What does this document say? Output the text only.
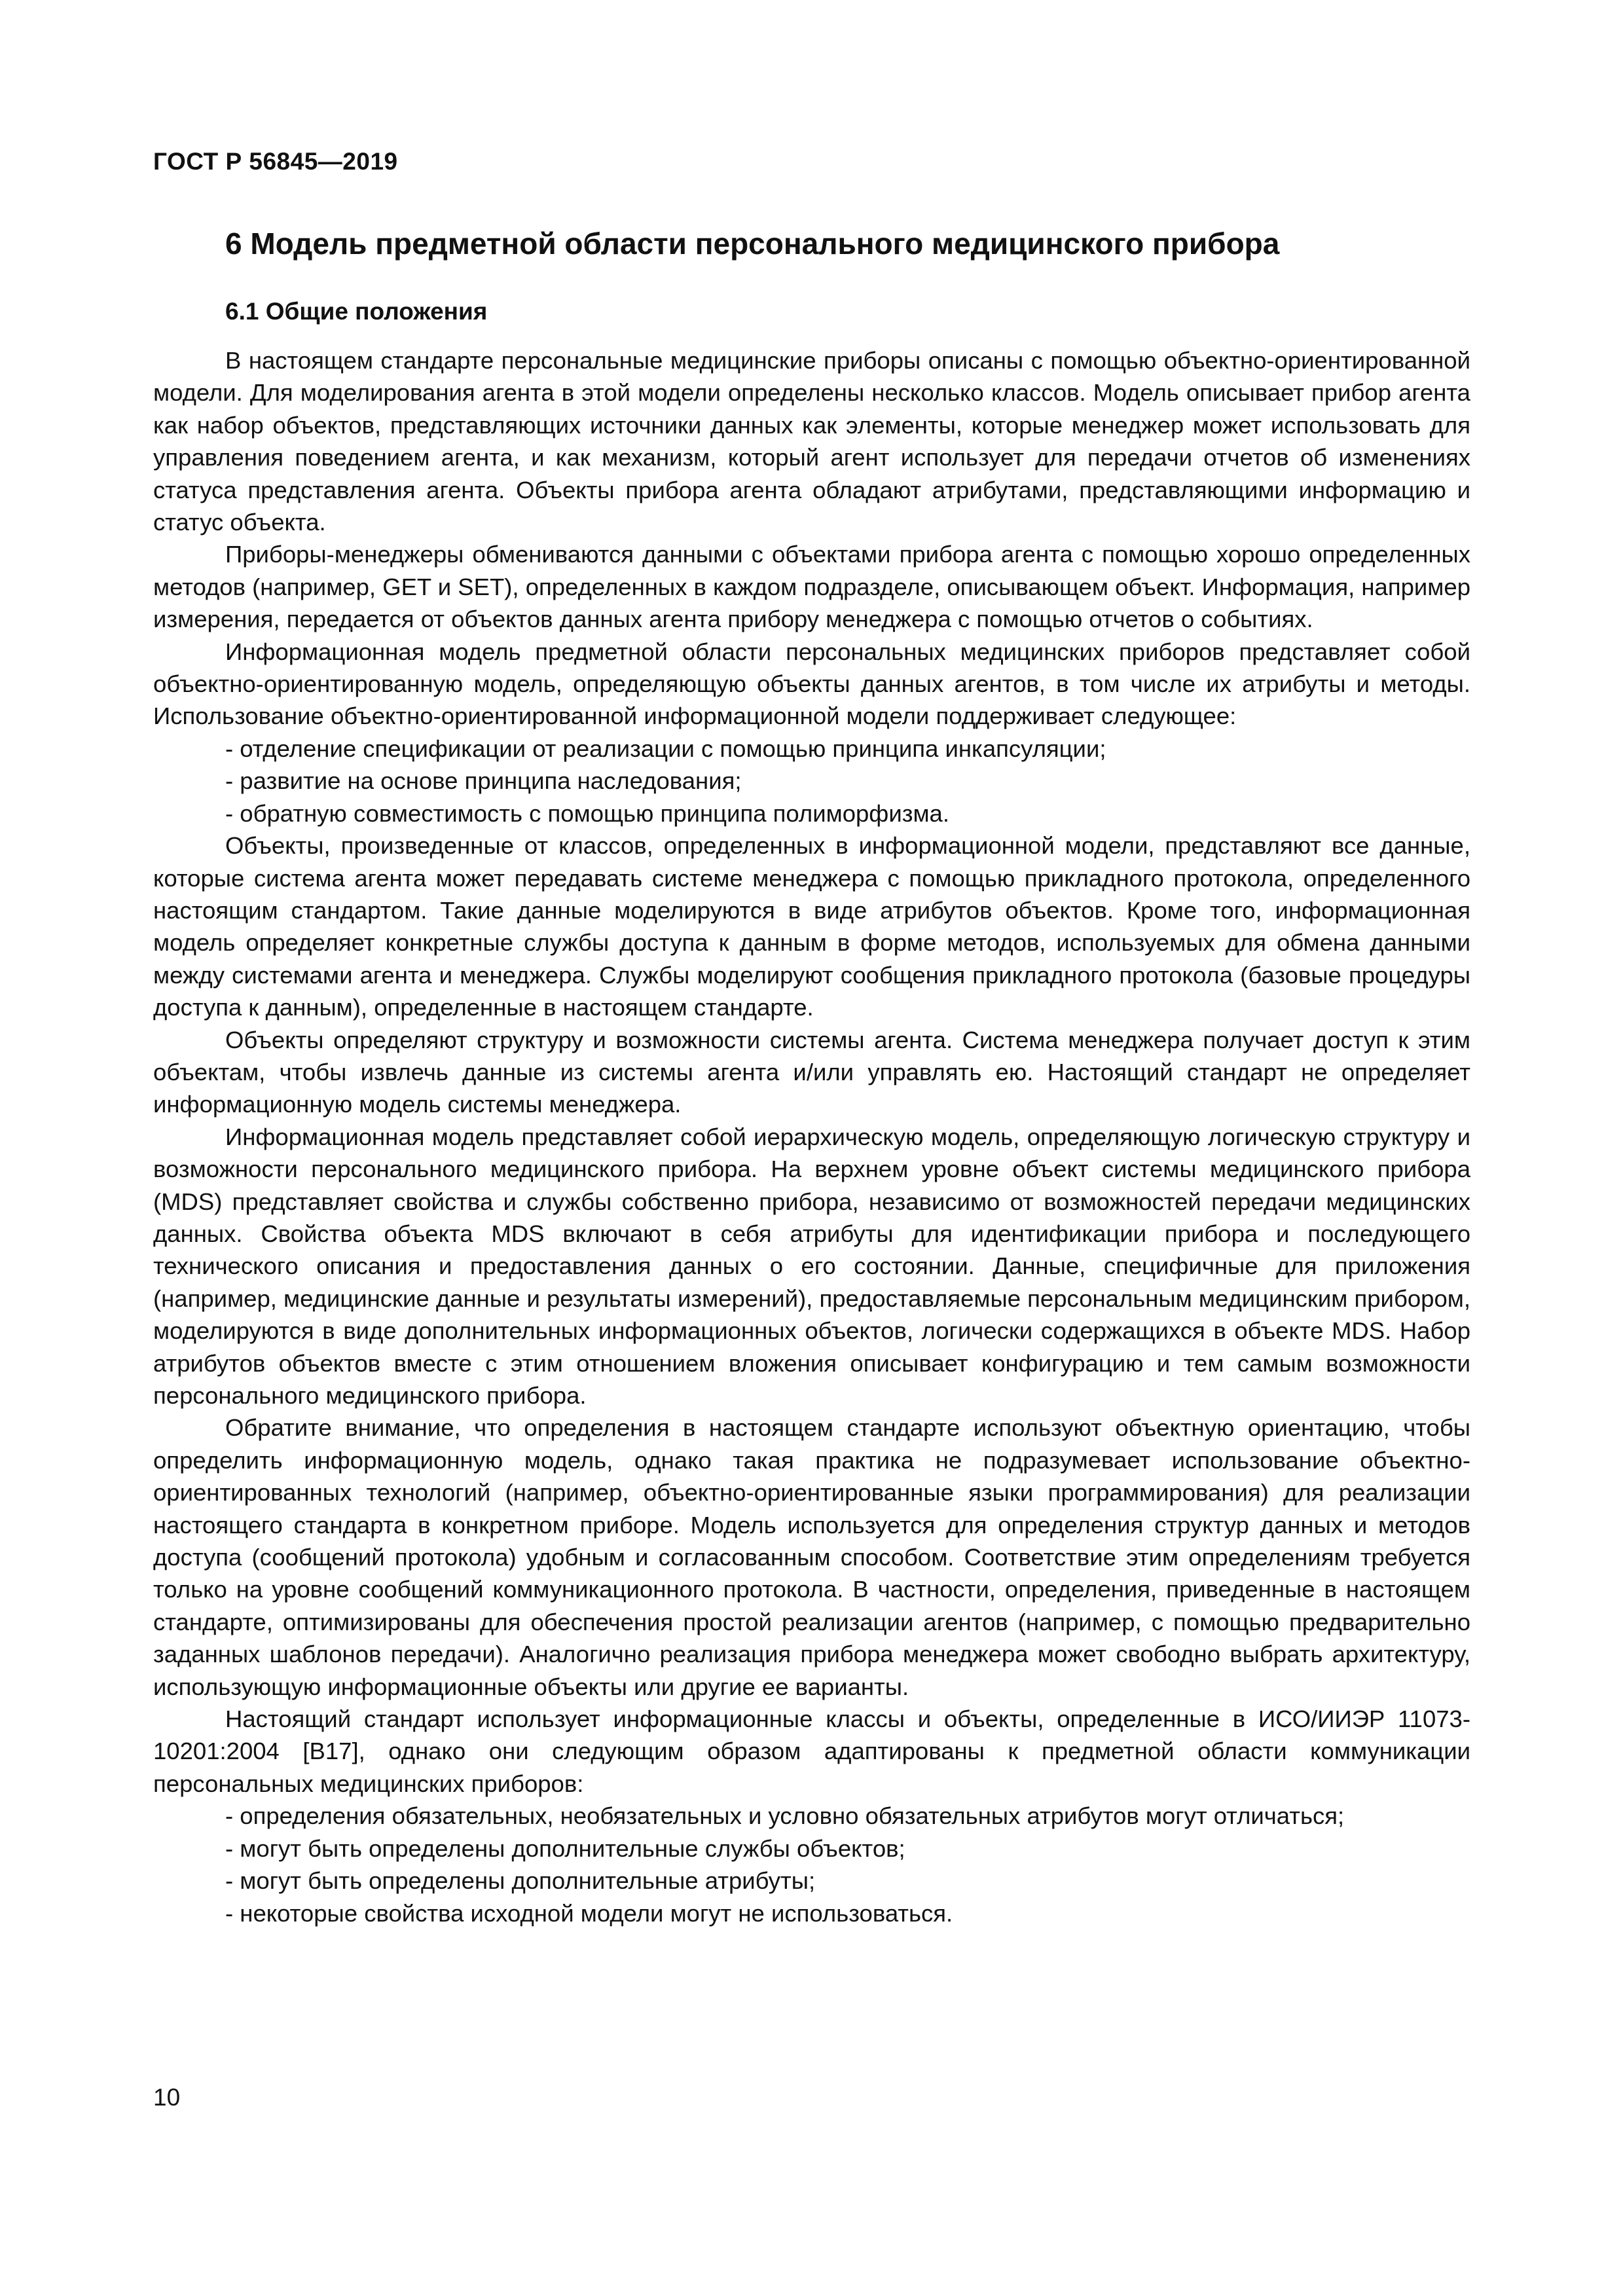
ГОСТ Р 56845—2019
6 Модель предметной области персонального медицинского прибора
6.1 Общие положения

В настоящем стандарте персональные медицинские приборы описаны с помощью объектно-ориентированной модели. Для моделирования агента в этой модели определены несколько классов. Модель описывает прибор агента как набор объектов, представляющих источники данных как элементы, которые менеджер может использовать для управления поведением агента, и как механизм, который агент использует для передачи отчетов об изменениях статуса представления агента. Объекты прибора агента обладают атрибутами, представляющими информацию и статус объекта.

Приборы-менеджеры обмениваются данными с объектами прибора агента с помощью хорошо определенных методов (например, GET и SET), определенных в каждом подразделе, описывающем объект. Информация, например измерения, передается от объектов данных агента прибору менеджера с помощью отчетов о событиях.

Информационная модель предметной области персональных медицинских приборов представляет собой объектно-ориентированную модель, определяющую объекты данных агентов, в том числе их атрибуты и методы. Использование объектно-ориентированной информационной модели поддерживает следующее:

- отделение спецификации от реализации с помощью принципа инкапсуляции;

- развитие на основе принципа наследования;

- обратную совместимость с помощью принципа полиморфизма.

Объекты, произведенные от классов, определенных в информационной модели, представляют все данные, которые система агента может передавать системе менеджера с помощью прикладного протокола, определенного настоящим стандартом. Такие данные моделируются в виде атрибутов объектов. Кроме того, информационная модель определяет конкретные службы доступа к данным в форме методов, используемых для обмена данными между системами агента и менеджера. Службы моделируют сообщения прикладного протокола (базовые процедуры доступа к данным), определенные в настоящем стандарте.

Объекты определяют структуру и возможности системы агента. Система менеджера получает доступ к этим объектам, чтобы извлечь данные из системы агента и/или управлять ею. Настоящий стандарт не определяет информационную модель системы менеджера.

Информационная модель представляет собой иерархическую модель, определяющую логическую структуру и возможности персонального медицинского прибора. На верхнем уровне объект системы медицинского прибора (MDS) представляет свойства и службы собственно прибора, независимо от возможностей передачи медицинских данных. Свойства объекта MDS включают в себя атрибуты для идентификации прибора и последующего технического описания и предоставления данных о его состоянии. Данные, специфичные для приложения (например, медицинские данные и результаты измерений), предоставляемые персональным медицинским прибором, моделируются в виде дополнительных информационных объектов, логически содержащихся в объекте MDS. Набор атрибутов объектов вместе с этим отношением вложения описывает конфигурацию и тем самым возможности персонального медицинского прибора.

Обратите внимание, что определения в настоящем стандарте используют объектную ориентацию, чтобы определить информационную модель, однако такая практика не подразумевает использование объектно-ориентированных технологий (например, объектно-ориентированные языки программирования) для реализации настоящего стандарта в конкретном приборе. Модель используется для определения структур данных и методов доступа (сообщений протокола) удобным и согласованным способом. Соответствие этим определениям требуется только на уровне сообщений коммуникационного протокола. В частности, определения, приведенные в настоящем стандарте, оптимизированы для обеспечения простой реализации агентов (например, с помощью предварительно заданных шаблонов передачи). Аналогично реализация прибора менеджера может свободно выбрать архитектуру, использующую информационные объекты или другие ее варианты.

Настоящий стандарт использует информационные классы и объекты, определенные в ИСО/ИИЭР 11073-10201:2004 [B17], однако они следующим образом адаптированы к предметной области коммуникации персональных медицинских приборов:

- определения обязательных, необязательных и условно обязательных атрибутов могут отличаться;

- могут быть определены дополнительные службы объектов;

- могут быть определены дополнительные атрибуты;

- некоторые свойства исходной модели могут не использоваться.

10
